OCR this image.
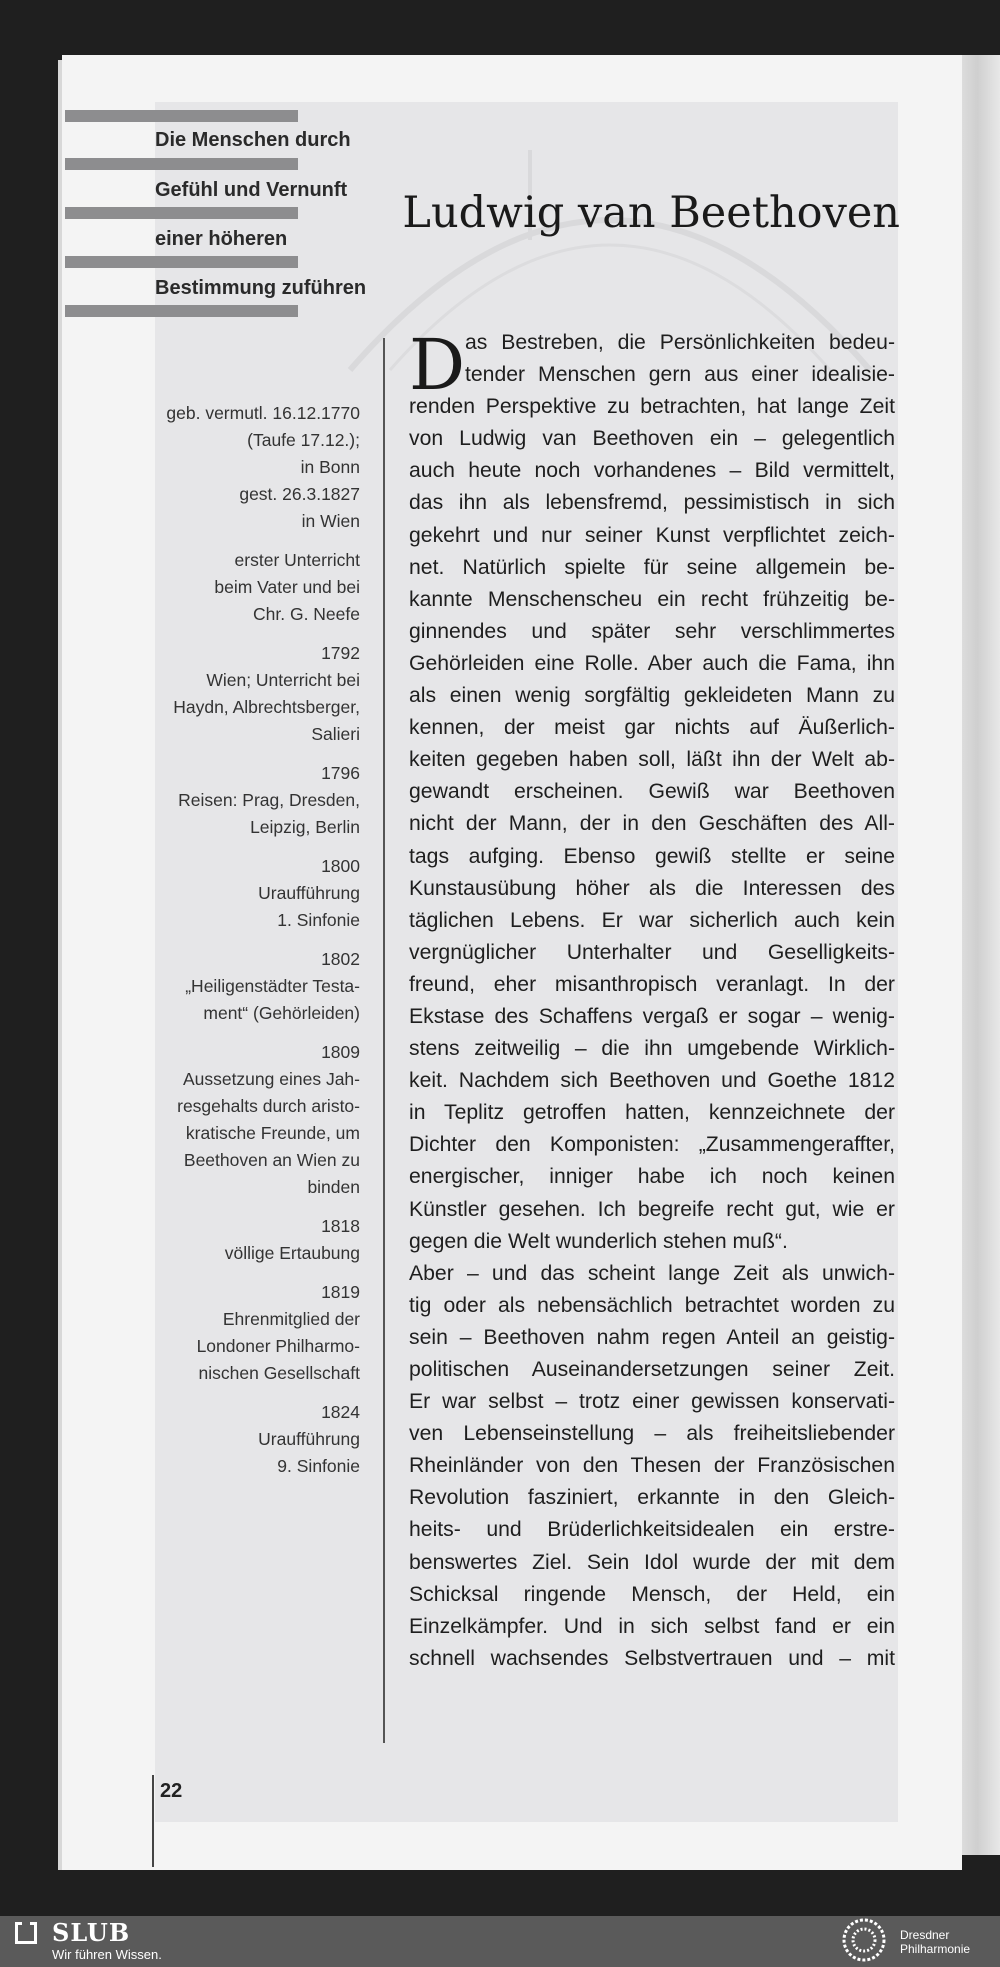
Die Menschen durch
Gefühl und Vernunft
einer höheren
Bestimmung zuführen
Ludwig van Beethoven
geb. vermutl. 16.12.1770
(Taufe 17.12.);
in Bonn
gest. 26.3.1827
in Wien
erster Unterricht
beim Vater und bei
Chr. G. Neefe
1792
Wien; Unterricht bei
Haydn, Albrechtsberger,
Salieri
1796
Reisen: Prag, Dresden,
Leipzig, Berlin
1800
Uraufführung
1. Sinfonie
1802
„Heiligenstädter Testa-
ment“ (Gehörleiden)
1809
Aussetzung eines Jah-
resgehalts durch aristo-
kratische Freunde, um
Beethoven an Wien zu
binden
1818
völlige Ertaubung
1819
Ehrenmitglied der
Londoner Philharmo-
nischen Gesellschaft
1824
Uraufführung
9. Sinfonie
D as Bestreben, die Persönlichkeiten bedeu-
tender Menschen gern aus einer idealisie-
renden Perspektive zu betrachten, hat lange Zeit
von Ludwig van Beethoven ein – gelegentlich
auch heute noch vorhandenes – Bild vermittelt,
das ihn als lebensfremd, pessimistisch in sich
gekehrt und nur seiner Kunst verpflichtet zeich-
net. Natürlich spielte für seine allgemein be-
kannte Menschenscheu ein recht frühzeitig be-
ginnendes und später sehr verschlimmertes
Gehörleiden eine Rolle. Aber auch die Fama, ihn
als einen wenig sorgfältig gekleideten Mann zu
kennen, der meist gar nichts auf Äußerlich-
keiten gegeben haben soll, läßt ihn der Welt ab-
gewandt erscheinen. Gewiß war Beethoven
nicht der Mann, der in den Geschäften des All-
tags aufging. Ebenso gewiß stellte er seine
Kunstausübung höher als die Interessen des
täglichen Lebens. Er war sicherlich auch kein
vergnüglicher Unterhalter und Geselligkeits-
freund, eher misanthropisch veranlagt. In der
Ekstase des Schaffens vergaß er sogar – wenig-
stens zeitweilig – die ihn umgebende Wirklich-
keit. Nachdem sich Beethoven und Goethe 1812
in Teplitz getroffen hatten, kennzeichnete der
Dichter den Komponisten: „Zusammengeraffter,
energischer, inniger habe ich noch keinen
Künstler gesehen. Ich begreife recht gut, wie er
gegen die Welt wunderlich stehen muß“.
Aber – und das scheint lange Zeit als unwich-
tig oder als nebensächlich betrachtet worden zu
sein – Beethoven nahm regen Anteil an geistig-
politischen Auseinandersetzungen seiner Zeit.
Er war selbst – trotz einer gewissen konservati-
ven Lebenseinstellung – als freiheitsliebender
Rheinländer von den Thesen der Französischen
Revolution fasziniert, erkannte in den Gleich-
heits- und Brüderlichkeitsidealen ein erstre-
benswertes Ziel. Sein Idol wurde der mit dem
Schicksal ringende Mensch, der Held, ein
Einzelkämpfer. Und in sich selbst fand er ein
schnell wachsendes Selbstvertrauen und – mit
22
SLUB
Wir führen Wissen.
Dresdner
Philharmonie
